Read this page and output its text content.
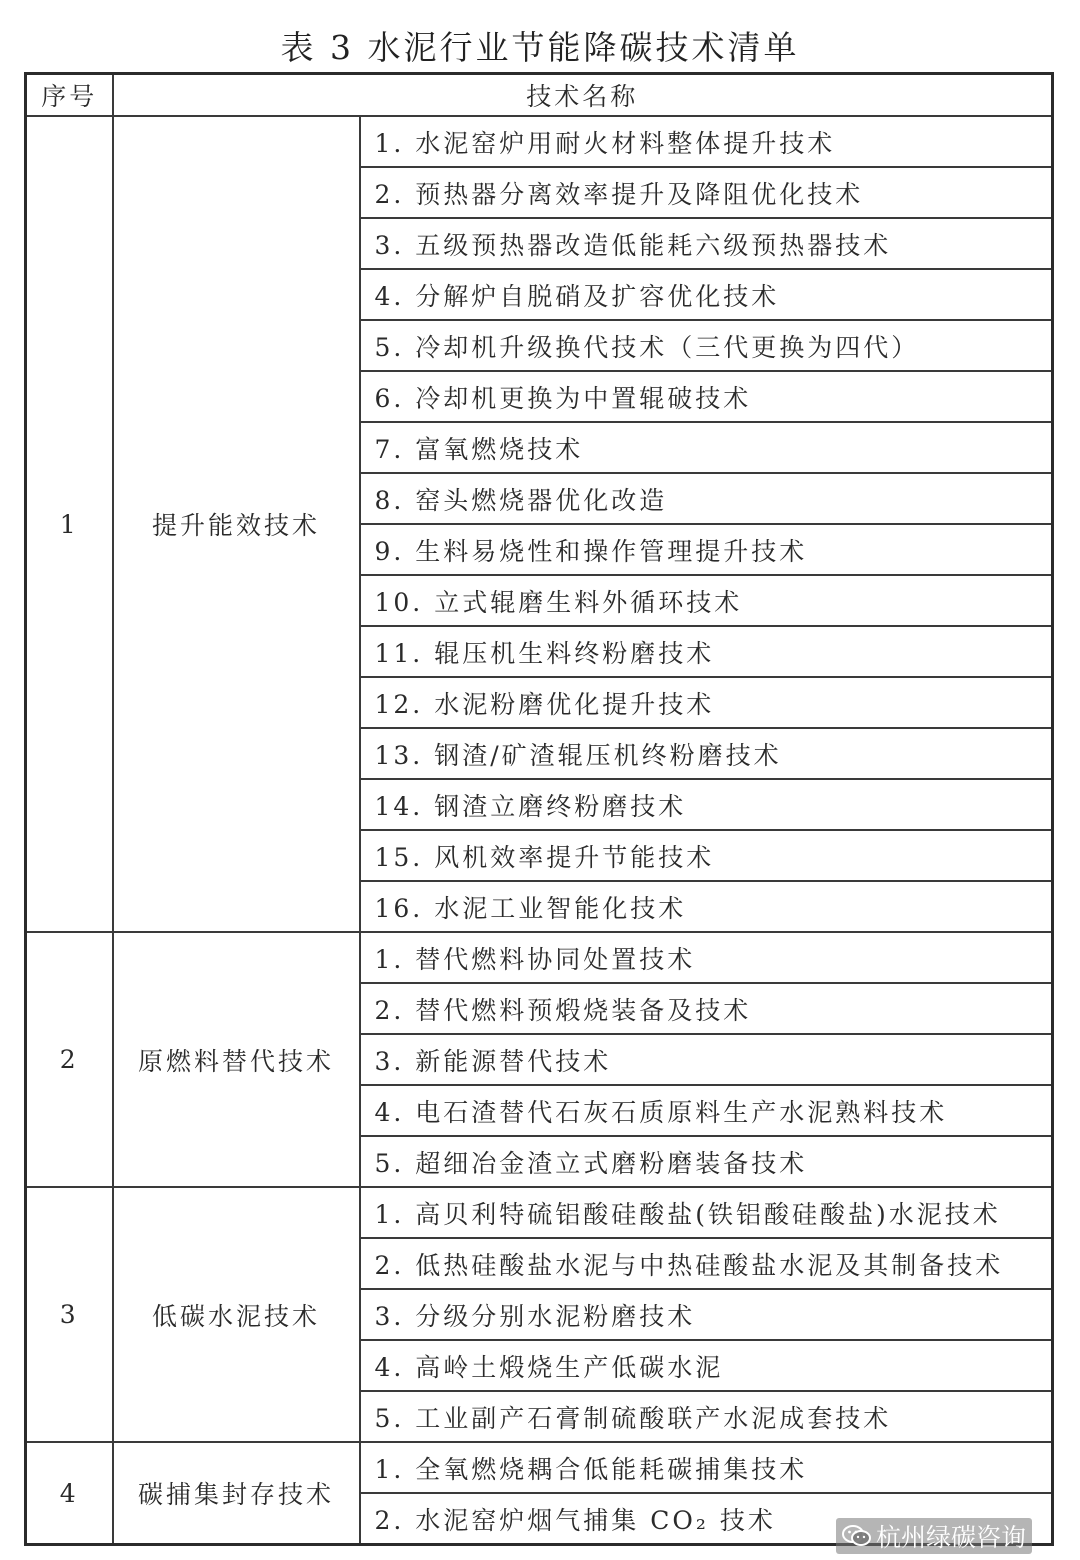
表 3 水泥行业节能降碳技术清单
序号	技术名称	
1	提升能效技术	1. 水泥窑炉用耐火材料整体提升技术
		2. 预热器分离效率提升及降阻优化技术
		3. 五级预热器改造低能耗六级预热器技术
		4. 分解炉自脱硝及扩容优化技术
		5. 冷却机升级换代技术（三代更换为四代）
		6. 冷却机更换为中置辊破技术
		7. 富氧燃烧技术
		8. 窑头燃烧器优化改造
		9. 生料易烧性和操作管理提升技术
		10. 立式辊磨生料外循环技术
		11. 辊压机生料终粉磨技术
		12. 水泥粉磨优化提升技术
		13. 钢渣/矿渣辊压机终粉磨技术
		14. 钢渣立磨终粉磨技术
		15. 风机效率提升节能技术
		16. 水泥工业智能化技术
2	原燃料替代技术	1. 替代燃料协同处置技术
		2. 替代燃料预煅烧装备及技术
		3. 新能源替代技术
		4. 电石渣替代石灰石质原料生产水泥熟料技术
		5. 超细冶金渣立式磨粉磨装备技术
3	低碳水泥技术	1. 高贝利特硫铝酸硅酸盐(铁铝酸硅酸盐)水泥技术
		2. 低热硅酸盐水泥与中热硅酸盐水泥及其制备技术
		3. 分级分别水泥粉磨技术
		4. 高岭土煅烧生产低碳水泥
		5. 工业副产石膏制硫酸联产水泥成套技术
4	碳捕集封存技术	1. 全氧燃烧耦合低能耗碳捕集技术
		2. 水泥窑炉烟气捕集 CO₂ 技术
杭州绿碳咨询
